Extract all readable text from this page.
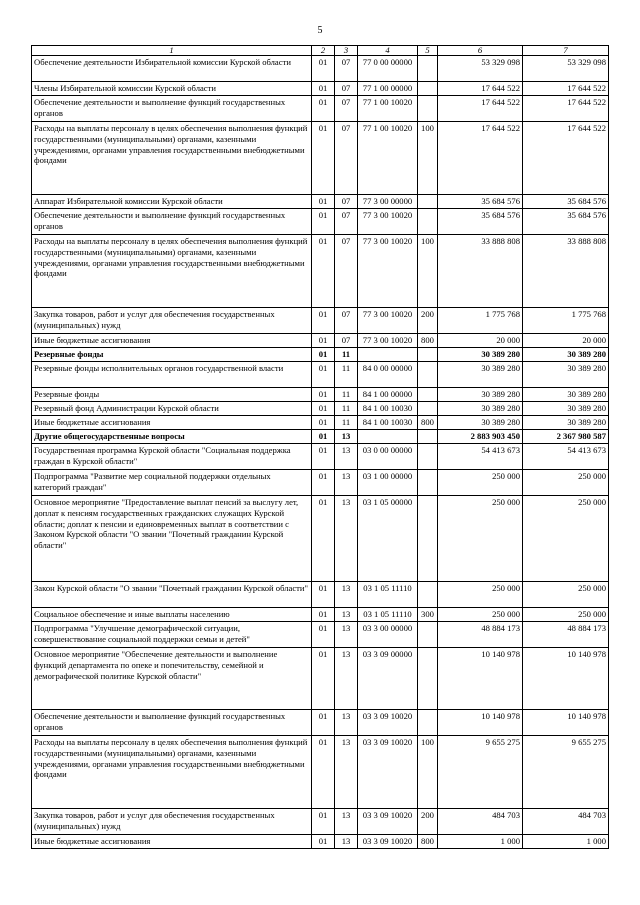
5
1	2	3	4	5	6	7
Обеспечение деятельности Избирательной комиссии Курской области	01	07	77 0 00 00000		53 329 098	53 329 098
Члены Избирательной комиссии Курской области	01	07	77 1 00 00000		17 644 522	17 644 522
Обеспечение деятельности и выполнение функций государственных органов	01	07	77 1 00 10020		17 644 522	17 644 522
Расходы на выплаты персоналу в целях обеспечения выполнения функций государственными (муниципальными) органами, казенными учреждениями, органами управления государственными внебюджетными фондами	01	07	77 1 00 10020	100	17 644 522	17 644 522
Аппарат Избирательной комиссии Курской области	01	07	77 3 00 00000		35 684 576	35 684 576
Обеспечение деятельности и выполнение функций государственных органов	01	07	77 3 00 10020		35 684 576	35 684 576
Расходы на выплаты персоналу в целях обеспечения выполнения функций государственными (муниципальными) органами, казенными учреждениями, органами управления государственными внебюджетными фондами	01	07	77 3 00 10020	100	33 888 808	33 888 808
Закупка товаров, работ и услуг для обеспечения государственных (муниципальных) нужд	01	07	77 3 00 10020	200	1 775 768	1 775 768
Иные бюджетные ассигнования	01	07	77 3 00 10020	800	20 000	20 000
Резервные фонды	01	11			30 389 280	30 389 280
Резервные фонды исполнительных органов государственной власти	01	11	84 0 00 00000		30 389 280	30 389 280
Резервные фонды	01	11	84 1 00 00000		30 389 280	30 389 280
Резервный фонд Администрации Курской области	01	11	84 1 00 10030		30 389 280	30 389 280
Иные бюджетные ассигнования	01	11	84 1 00 10030	800	30 389 280	30 389 280
Другие общегосударственные вопросы	01	13			2 883 903 450	2 367 980 587
Государственная программа Курской области "Социальная поддержка граждан в Курской области"	01	13	03 0 00 00000		54 413 673	54 413 673
Подпрограмма "Развитие мер социальной поддержки отдельных категорий граждан"	01	13	03 1 00 00000		250 000	250 000
Основное мероприятие "Предоставление выплат пенсий за выслугу лет, доплат к пенсиям государственных гражданских служащих Курской области; доплат к пенсии и единовременных выплат в соответствии с Законом Курской области "О звании "Почетный гражданин Курской области"	01	13	03 1 05 00000		250 000	250 000
Закон Курской области "О звании "Почетный гражданин Курской области"	01	13	03 1 05 11110		250 000	250 000
Социальное обеспечение и иные выплаты населению	01	13	03 1 05 11110	300	250 000	250 000
Подпрограмма "Улучшение демографической ситуации, совершенствование социальной поддержки семьи и детей"	01	13	03 3 00 00000		48 884 173	48 884 173
Основное мероприятие "Обеспечение деятельности и выполнение функций департамента по опеке и попечительству, семейной и демографической политике Курской области"	01	13	03 3 09 00000		10 140 978	10 140 978
Обеспечение деятельности и выполнение функций государственных органов	01	13	03 3 09 10020		10 140 978	10 140 978
Расходы на выплаты персоналу в целях обеспечения выполнения функций государственными (муниципальными) органами, казенными учреждениями, органами управления государственными внебюджетными фондами	01	13	03 3 09 10020	100	9 655 275	9 655 275
Закупка товаров, работ и услуг для обеспечения государственных (муниципальных) нужд	01	13	03 3 09 10020	200	484 703	484 703
Иные бюджетные ассигнования	01	13	03 3 09 10020	800	1 000	1 000
